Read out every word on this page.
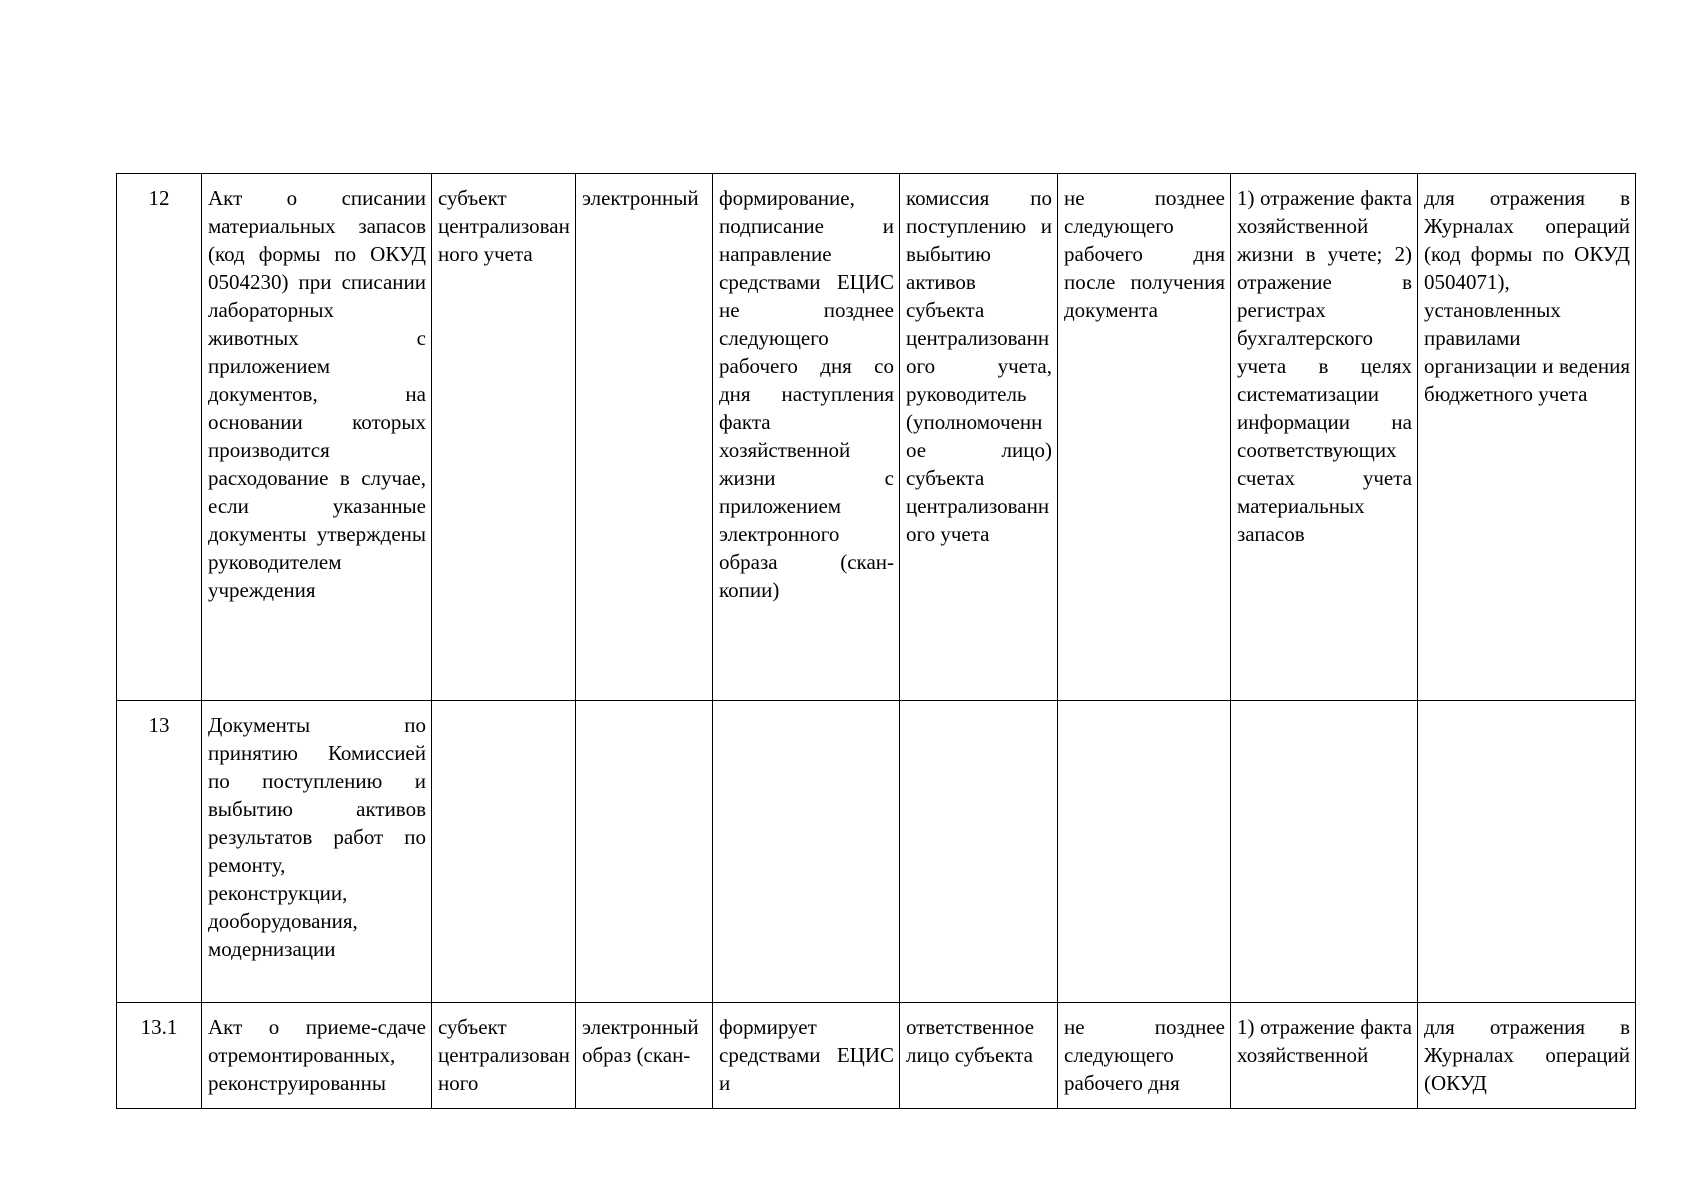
12	Акт о списании материальных запасов (код формы по ОКУД 0504230) при списании лабораторных животных с приложением документов, на основании которых производится расходование в случае, если указанные документы утверждены руководителем учреждения	субъект централизованного учета	электронный	формирование, подписание и направление средствами ЕЦИС не позднее следующего рабочего дня со дня наступления факта хозяйственной жизни с приложением электронного образа (скан-копии)	комиссия по поступлению и выбытию активов субъекта централизованного учета, руководитель (уполномоченное лицо) субъекта централизованного учета	не позднее следующего рабочего дня после получения документа	1) отражение факта хозяйственной жизни в учете; 2) отражение в регистрах бухгалтерского учета в целях систематизации информации на соответствующих счетах учета материальных запасов	для отражения в Журналах операций (код формы по ОКУД 0504071), установленных правилами организации и ведения бюджетного учета
13	Документы по принятию Комиссией по поступлению и выбытию активов результатов работ по ремонту, реконструкции, дооборудования, модернизации							
13.1	Акт о приеме-сдаче отремонтированных, реконструированны	субъект централизованного	электронный образ (скан-	формирует средствами ЕЦИС и	ответственное лицо субъекта	не позднее следующего рабочего дня	1) отражение факта хозяйственной	для отражения в Журналах операций (ОКУД
